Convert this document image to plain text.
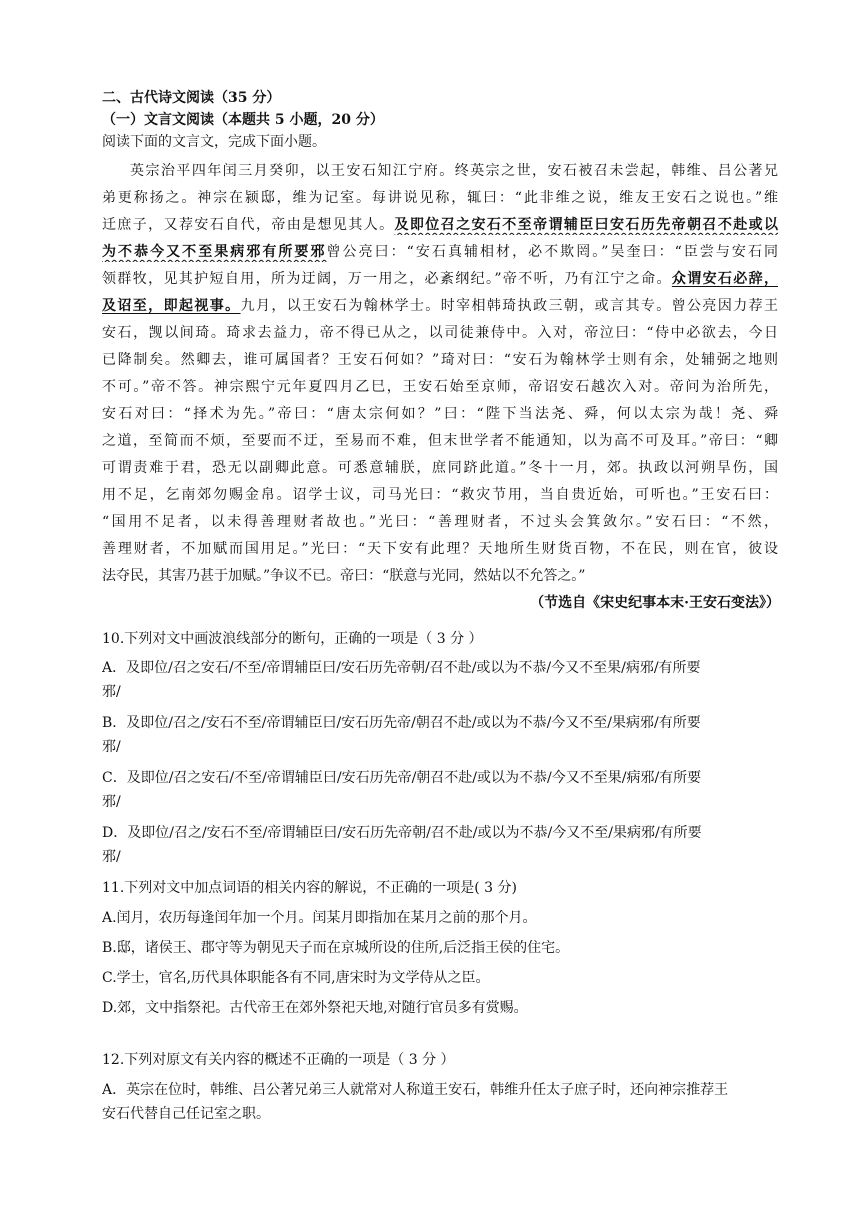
二、古代诗文阅读（35 分）
（一）文言文阅读（本题共 5 小题，20 分）
阅读下面的文言文，完成下面小题。
英宗治平四年闰三月癸卯，以王安石知江宁府。终英宗之世，安石被召未尝起，韩维、吕公著兄
弟更称扬之。神宗在颍邸，维为记室。每讲说见称，辄曰：“此非维之说，维友王安石之说也。”维
迁庶子，又荐安石自代，帝由是想见其人。及即位召之安石不至帝谓辅臣曰安石历先帝朝召不赴或以
为不恭今又不至果病邪有所要邪曾公亮曰：“安石真辅相材，必不欺罔。”吴奎曰：“臣尝与安石同
领群牧，见其护短自用，所为迂阔，万一用之，必紊纲纪。”帝不听，乃有江宁之命。众谓安石必辞，
及诏至，即起视事。九月，以王安石为翰林学士。时宰相韩琦执政三朝，或言其专。曾公亮因力荐王
安石，觊以间琦。琦求去益力，帝不得已从之，以司徒兼侍中。入对，帝泣曰：“侍中必欲去，今日
已降制矣。然卿去，谁可属国者？王安石何如？”琦对曰：“安石为翰林学士则有余，处辅弼之地则
不可。”帝不答。神宗熙宁元年夏四月乙巳，王安石始至京师，帝诏安石越次入对。帝问为治所先，
安石对曰：“择术为先。”帝曰：“唐太宗何如？”曰：“陛下当法尧、舜，何以太宗为哉！尧、舜
之道，至简而不烦，至要而不迂，至易而不难，但末世学者不能通知，以为高不可及耳。”帝曰：“卿
可谓责难于君，恐无以副卿此意。可悉意辅朕，庶同跻此道。”冬十一月，郊。执政以河朔旱伤，国
用不足，乞南郊勿赐金帛。诏学士议，司马光曰：“救灾节用，当自贵近始，可听也。”王安石曰：
“国用不足者，以未得善理财者故也。”光曰：“善理财者，不过头会箕敛尔。”安石曰：“不然，
善理财者，不加赋而国用足。”光曰：“天下安有此理？天地所生财货百物，不在民，则在官，彼设
法夺民，其害乃甚于加赋。”争议不已。帝曰：“朕意与光同，然姑以不允答之。”
（节选自《宋史纪事本末·王安石变法》）
10.下列对文中画波浪线部分的断句，正确的一项是（ 3 分 ）
A．及即位/召之安石/不至/帝谓辅臣曰/安石历先帝朝/召不赴/或以为不恭/今又不至果/病邪/有所要
邪/
B．及即位/召之/安石不至/帝谓辅臣曰/安石历先帝/朝召不赴/或以为不恭/今又不至/果病邪/有所要
邪/
C．及即位/召之安石/不至/帝谓辅臣曰/安石历先帝/朝召不赴/或以为不恭/今又不至果/病邪/有所要
邪/
D．及即位/召之/安石不至/帝谓辅臣曰/安石历先帝朝/召不赴/或以为不恭/今又不至/果病邪/有所要
邪/
11.下列对文中加点词语的相关内容的解说，不正确的一项是( 3 分)
A.闰月，农历每逢闰年加一个月。闰某月即指加在某月之前的那个月。
B.邸，诸侯王、郡守等为朝见天子而在京城所设的住所,后泛指王侯的住宅。
C.学士，官名,历代具体职能各有不同,唐宋时为文学侍从之臣。
D.郊，文中指祭祀。古代帝王在郊外祭祀天地,对随行官员多有赏赐。
12.下列对原文有关内容的概述不正确的一项是（ 3 分 ）
A．英宗在位时，韩维、吕公著兄弟三人就常对人称道王安石，韩维升任太子庶子时，还向神宗推荐王
安石代替自己任记室之职。
